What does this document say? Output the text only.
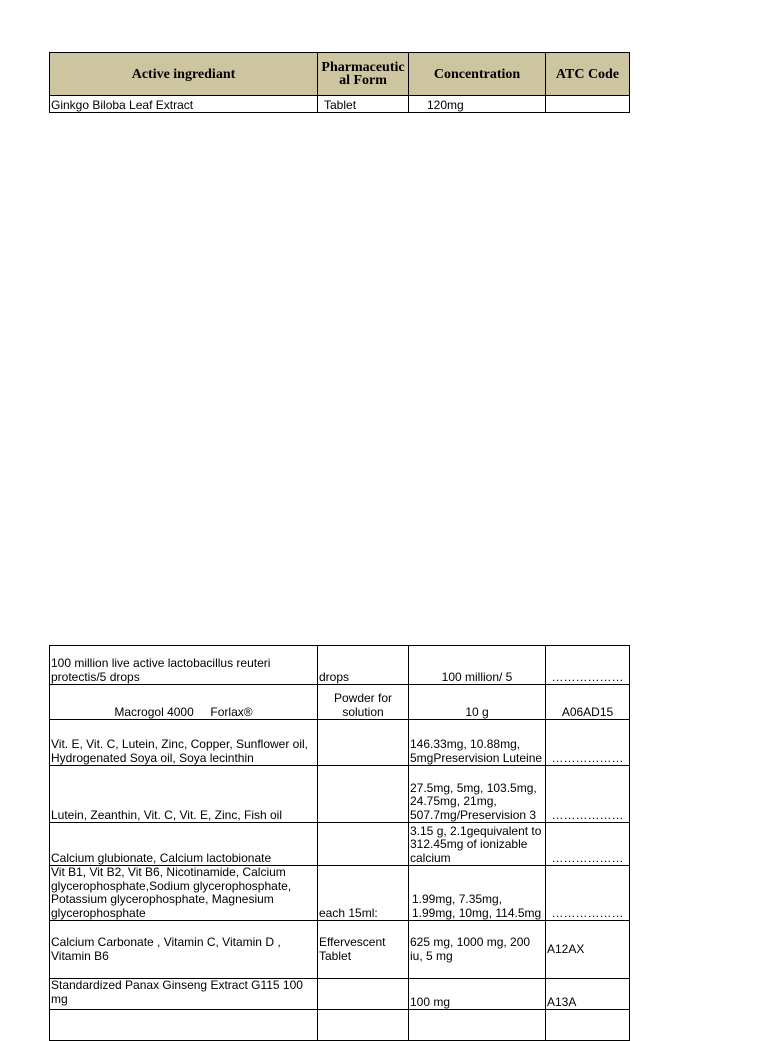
Active ingrediant	Pharmaceutical Form	Concentration	ATC Code
Ginkgo Biloba Leaf Extract	Tablet	120mg	
100 million live active lactobacillus reuteri protectis/5 drops	drops	100 million/ 5	………………
Macrogol 4000     Forlax®	Powder for solution	10 g	A06AD15
Vit. E, Vit. C, Lutein, Zinc, Copper, Sunflower oil, Hydrogenated Soya oil, Soya lecinthin		146.33mg, 10.88mg, 5mgPreservision Luteine	………………
Lutein, Zeanthin, Vit. C, Vit. E, Zinc, Fish oil		27.5mg, 5mg, 103.5mg, 24.75mg, 21mg, 507.7mg/Preservision 3	………………
Calcium glubionate, Calcium lactobionate		3.15 g, 2.1gequivalent to 312.45mg of ionizable calcium	………………
Vit B1, Vit B2, Vit B6, Nicotinamide, Calcium glycerophosphate,Sodium glycerophosphate, Potassium glycerophosphate, Magnesium glycerophosphate	each 15ml:	1.99mg, 7.35mg, 1.99mg, 10mg, 114.5mg	………………
Calcium Carbonate , Vitamin C, Vitamin D , Vitamin B6	Effervescent Tablet	625 mg, 1000 mg, 200 iu, 5 mg	A12AX
Standardized Panax Ginseng Extract G115 100 mg		100 mg	A13A
